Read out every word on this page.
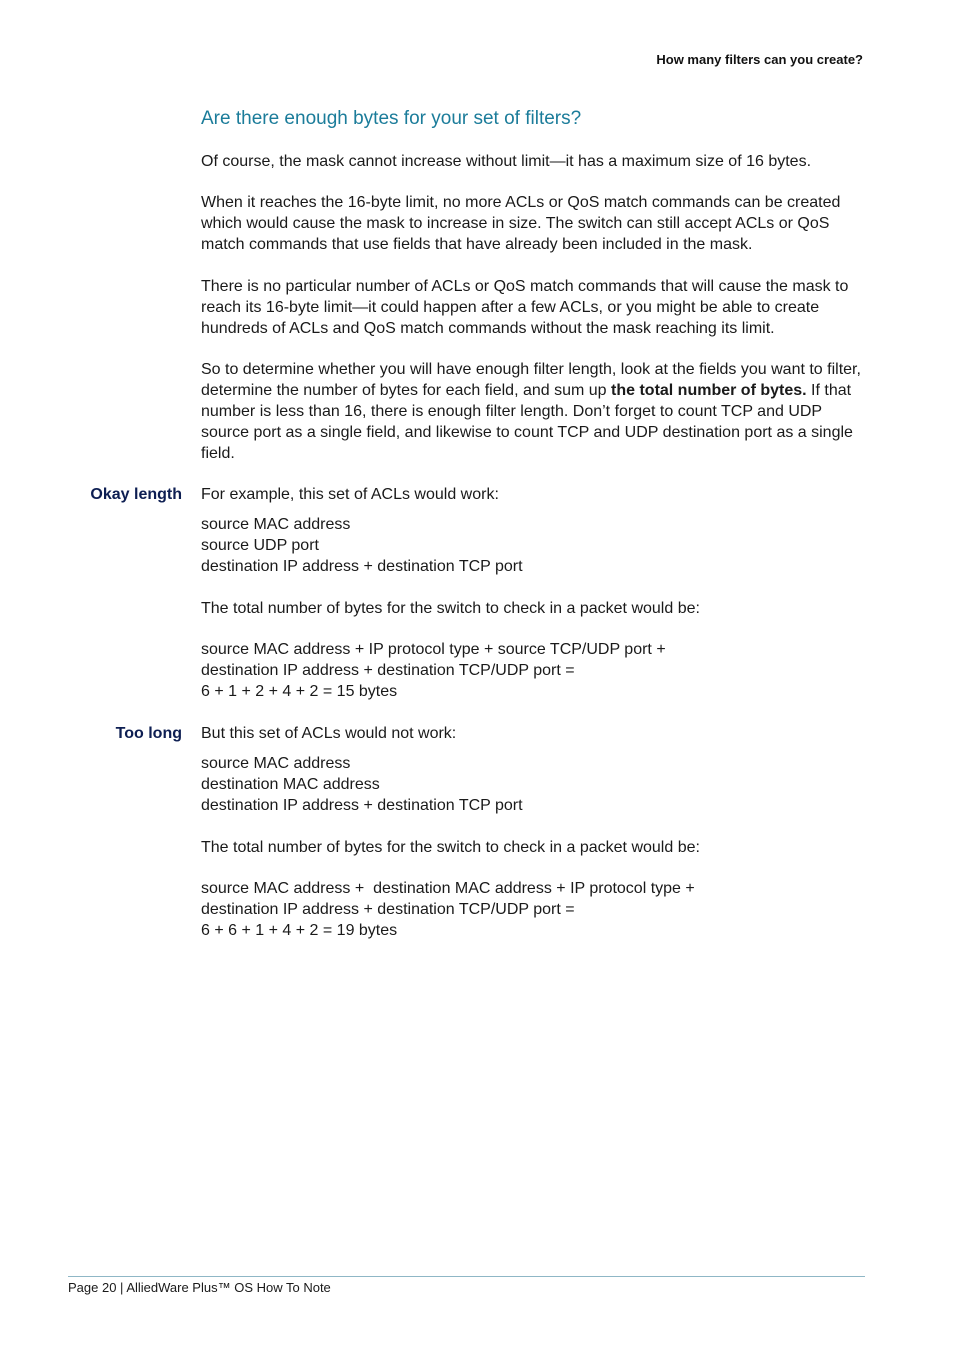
How many filters can you create?
Are there enough bytes for your set of filters?

Of course, the mask cannot increase without limit—it has a maximum size of 16 bytes.

When it reaches the 16-byte limit, no more ACLs or QoS match commands can be created which would cause the mask to increase in size. The switch can still accept ACLs or QoS match commands that use fields that have already been included in the mask.

There is no particular number of ACLs or QoS match commands that will cause the mask to reach its 16-byte limit—it could happen after a few ACLs, or you might be able to create hundreds of ACLs and QoS match commands without the mask reaching its limit.

So to determine whether you will have enough filter length, look at the fields you want to filter, determine the number of bytes for each field, and sum up the total number of bytes. If that number is less than 16, there is enough filter length. Don’t forget to count TCP and UDP source port as a single field, and likewise to count TCP and UDP destination port as a single field.

Okay length For example, this set of ACLs would work:

source MAC address
source UDP port
destination IP address + destination TCP port

The total number of bytes for the switch to check in a packet would be:

source MAC address + IP protocol type + source TCP/UDP port +
destination IP address + destination TCP/UDP port =
6 + 1 + 2 + 4 + 2 = 15 bytes
Too long But this set of ACLs would not work:

source MAC address
destination MAC address
destination IP address + destination TCP port

The total number of bytes for the switch to check in a packet would be:

source MAC address +  destination MAC address + IP protocol type +
destination IP address + destination TCP/UDP port =
6 + 6 + 1 + 4 + 2 = 19 bytes
Page 20 | AlliedWare Plus™ OS How To Note
